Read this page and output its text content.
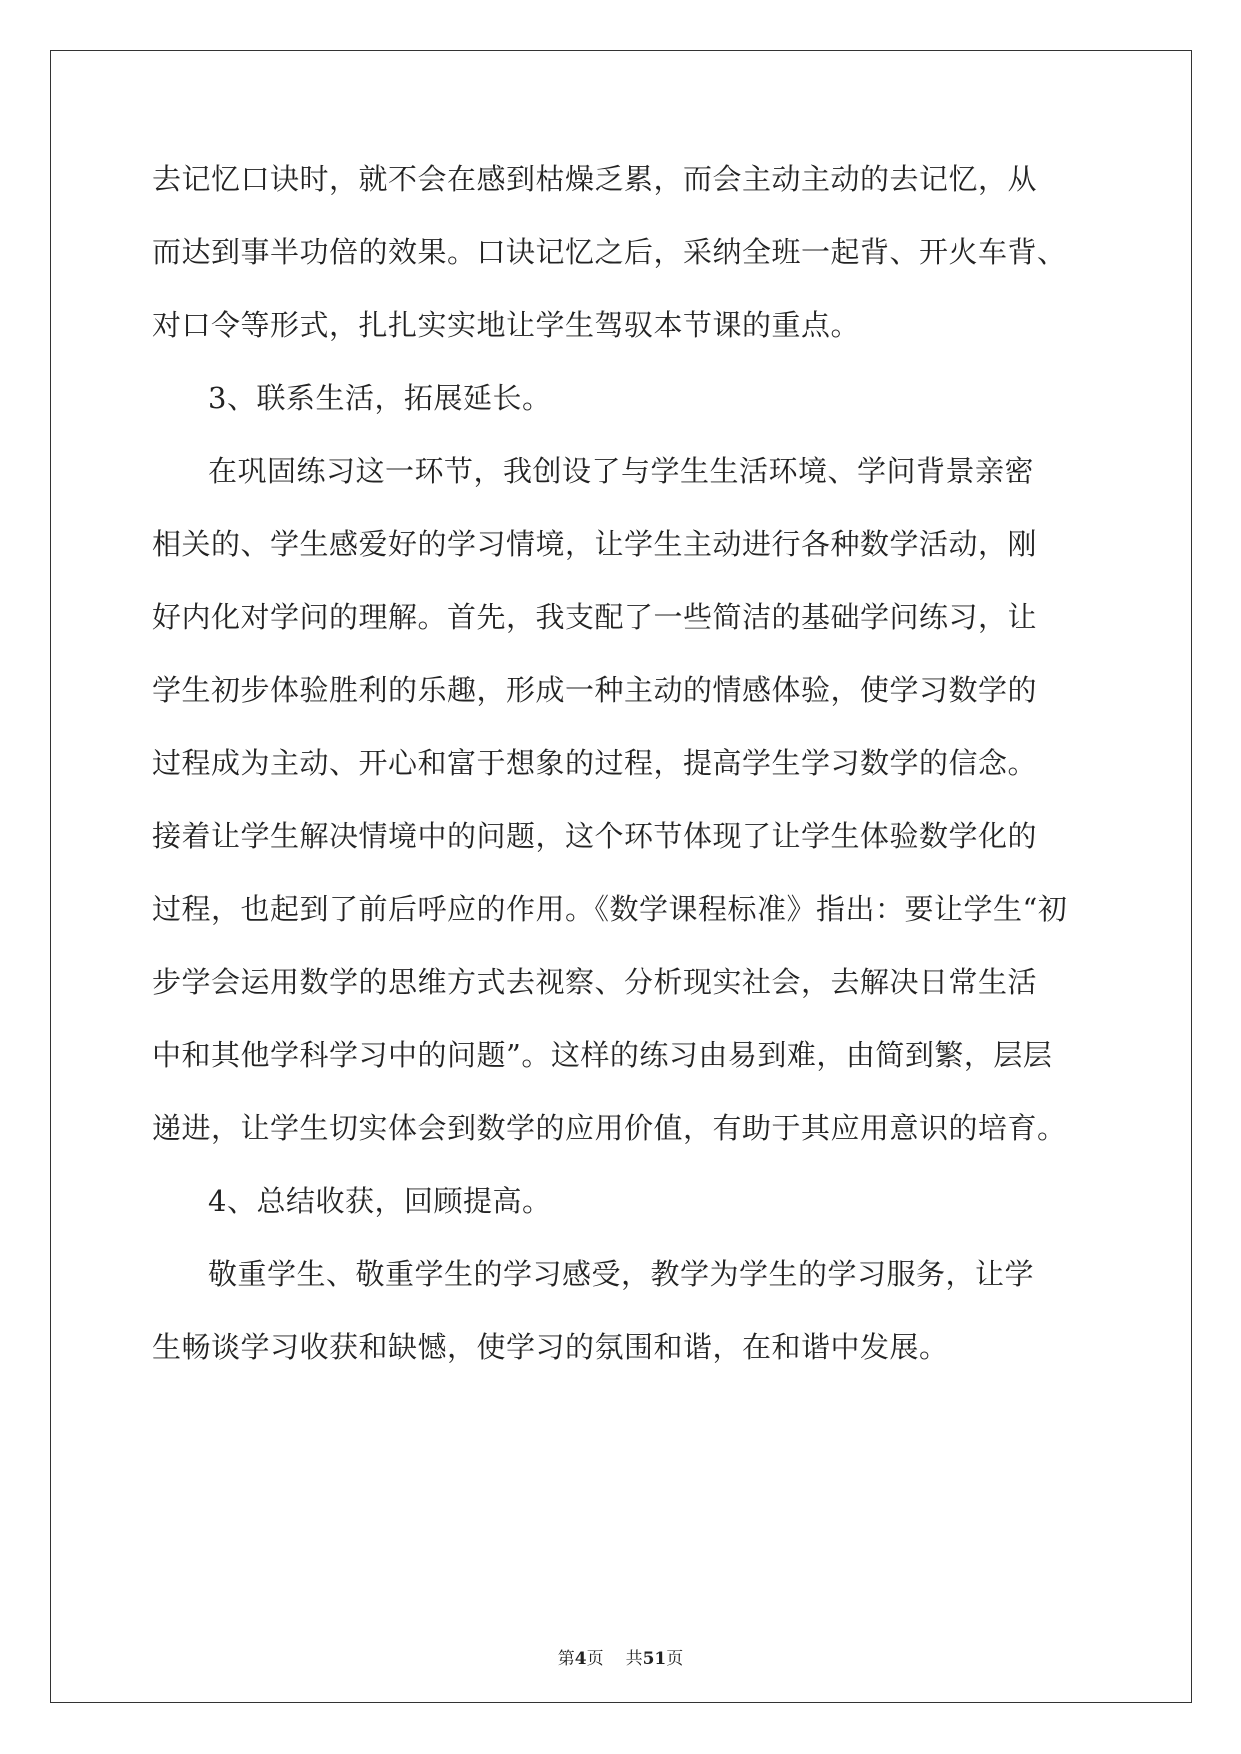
去记忆口诀时，就不会在感到枯燥乏累，而会主动主动的去记忆，从
而达到事半功倍的效果。口诀记忆之后，采纳全班一起背、开火车背、
对口令等形式，扎扎实实地让学生驾驭本节课的重点。
3、联系生活，拓展延长。
在巩固练习这一环节，我创设了与学生生活环境、学问背景亲密
相关的、学生感爱好的学习情境，让学生主动进行各种数学活动，刚
好内化对学问的理解。首先，我支配了一些简洁的基础学问练习，让
学生初步体验胜利的乐趣，形成一种主动的情感体验，使学习数学的
过程成为主动、开心和富于想象的过程，提高学生学习数学的信念。
接着让学生解决情境中的问题，这个环节体现了让学生体验数学化的
过程，也起到了前后呼应的作用。《数学课程标准》指出：要让学生“初
步学会运用数学的思维方式去视察、分析现实社会，去解决日常生活
中和其他学科学习中的问题”。这样的练习由易到难，由简到繁，层层
递进，让学生切实体会到数学的应用价值，有助于其应用意识的培育。
4、总结收获，回顾提高。
敬重学生、敬重学生的学习感受，教学为学生的学习服务，让学
生畅谈学习收获和缺憾，使学习的氛围和谐，在和谐中发展。
第4页 共51页
